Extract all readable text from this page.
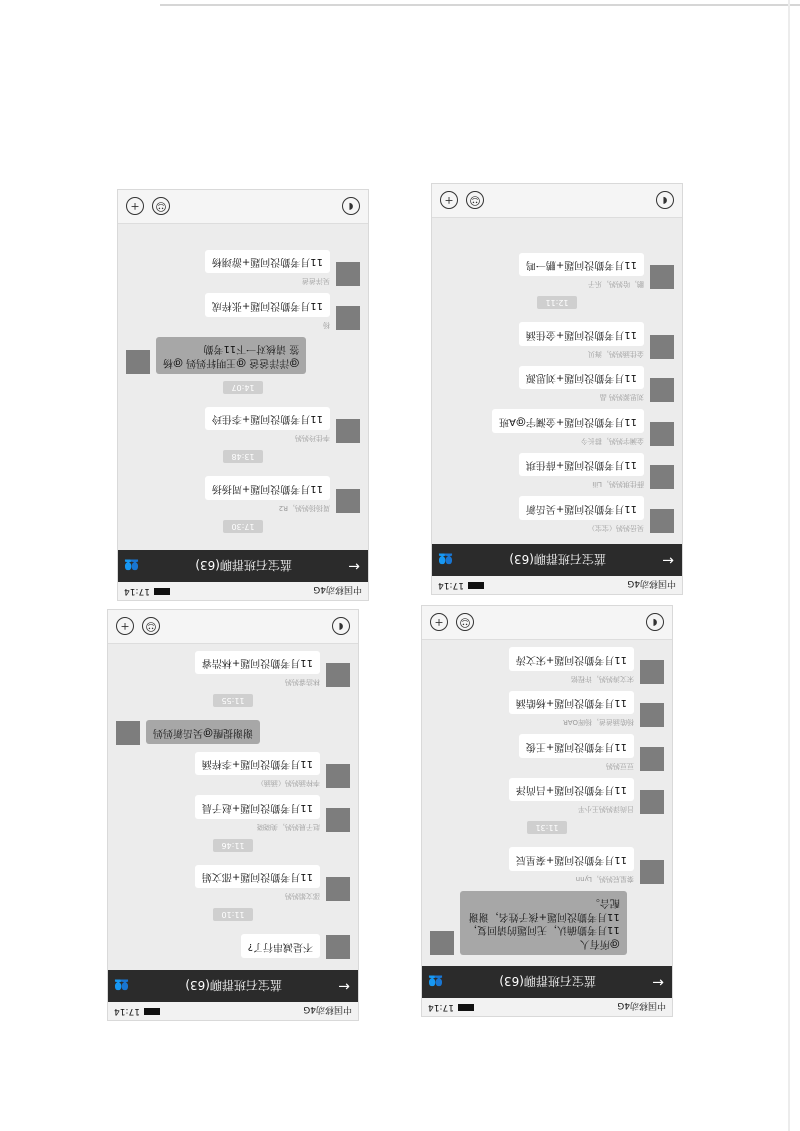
中国移动4G
17:14
←
蓝宝石班群聊(63)
👥
17:30
周扬扬妈妈，R2
11月考勤没问题+周扬扬
13:48
李佳玲妈妈
11月考勤没问题+李佳玲
14:07
@洋洋爸爸 @王明轩妈妈 @杨
签 请核对一下11考勤
杨
11月考勤没问题+张梓成
吴洋爸爸
11月考勤没问题+游翊杨
◖
☺
+
中国移动4G
17:14
←
蓝宝石班群聊(63)
👥
吴岳妈妈（宝宝）
11月考勤没问题+吴岳新
薛佳琪妈妈，Lili
11月考勤没问题+薛佳琪
金澜宇妈妈，群长今
11月考勤没问题+金澜宇@A班
刘思源妈妈 晶
11月考勤没问题+刘思源
金佳涵妈妈，海贝
11月考勤没问题+金佳涵
12:11
鹏，哈妈妈，乐子
11月考勤没问题+鹏一鸣
◖
☺
+
中国移动4G
17:14
←
蓝宝石班群聊(63)
👥
不是减串行了?
11:10
邵文娟妈妈
11月考勤没问题+邵文娟
11:46
赵子晨妈妈，美晓晓
11月考勤没问题+赵子晨
李梓涵妈妈（涵涵）
11月考勤没问题+李梓涵
谢谢提醒@吴岳新妈妈
11:55
林浩睿妈妈
11月考勤没问题+林浩睿
◖
☺
+
中国移动4G
17:14
←
蓝宝石班群聊(63)
👥
@所有人
11月考勤确认，无问题的请回复，
11月考勤没问题+孩子姓名，谢谢
配合。
秦星辰妈妈，Lynn
11月考勤没问题+秦星辰
11:31
吕尚泽妈妈王小平
11月考勤没问题+吕尚泽
豆豆妈妈
11月考勤没问题+王俊
杨皓涵爸爸，杨晖OAR
11月考勤没问题+杨皓涵
宋文涛妈妈，许程铭
11月考勤没问题+宋文涛
◖
☺
+
